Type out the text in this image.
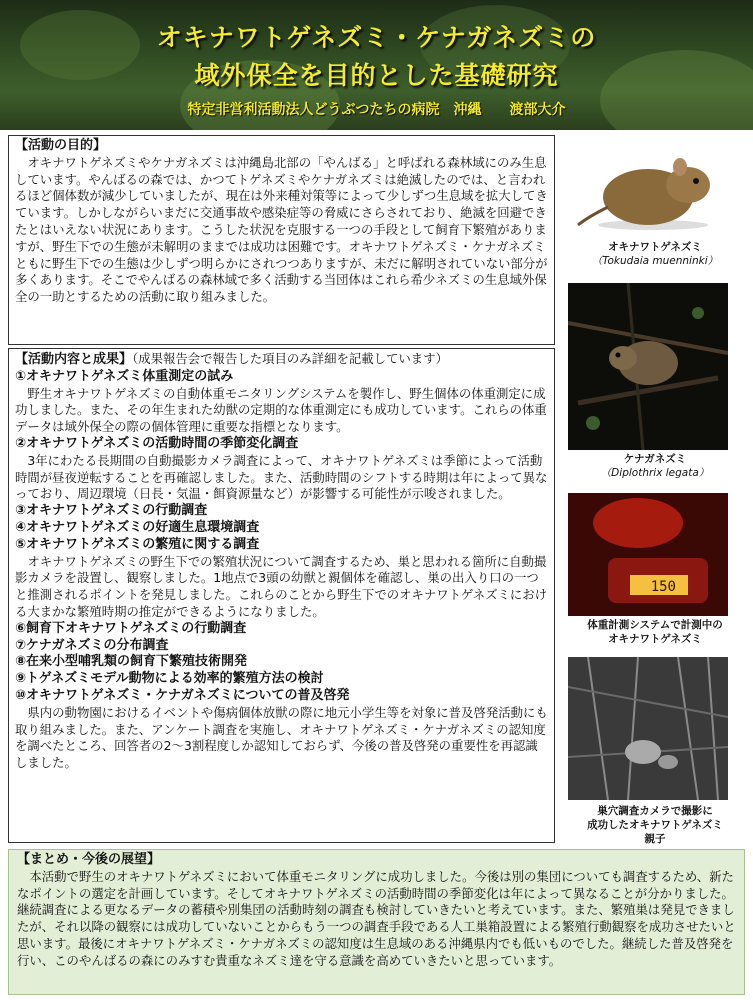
オキナワトゲネズミ・ケナガネズミの
域外保全を目的とした基礎研究
特定非営利活動法人どうぶつたちの病院　沖縄　　渡部大介
【活動の目的】

オキナワトゲネズミやケナガネズミは沖縄島北部の「やんばる」と呼ばれる森林域にのみ生息しています。やんばるの森では、かつてトゲネズミやケナガネズミは絶滅したのでは、と言われるほど個体数が減少していましたが、現在は外来種対策等によって少しずつ生息域を拡大してきています。しかしながらいまだに交通事故や感染症等の脅威にさらされており、絶滅を回避できたとはいえない状況にあります。こうした状況を克服する一つの手段として飼育下繁殖がありますが、野生下での生態が未解明のままでは成功は困難です。オキナワトゲネズミ・ケナガネズミともに野生下での生態は少しずつ明らかにされつつありますが、未だに解明されていない部分が多くあります。そこでやんばるの森林域で多く活動する当団体はこれら希少ネズミの生息域外保全の一助とするための活動に取り組みました。

【活動内容と成果】（成果報告会で報告した項目のみ詳細を記載しています）

①オキナワトゲネズミ体重測定の試み

野生オキナワトゲネズミの自動体重モニタリングシステムを製作し、野生個体の体重測定に成功しました。また、その年生まれた幼獣の定期的な体重測定にも成功しています。これらの体重データは域外保全の際の個体管理に重要な指標となります。

②オキナワトゲネズミの活動時間の季節変化調査

3年にわたる長期間の自動撮影カメラ調査によって、オキナワトゲネズミは季節によって活動時間が昼夜逆転することを再確認しました。また、活動時間のシフトする時期は年によって異なっており、周辺環境（日長・気温・餌資源量など）が影響する可能性が示唆されました。

③オキナワトゲネズミの行動調査

④オキナワトゲネズミの好適生息環境調査

⑤オキナワトゲネズミの繁殖に関する調査

オキナワトゲネズミの野生下での繁殖状況について調査するため、巣と思われる箇所に自動撮影カメラを設置し、観察しました。1地点で3頭の幼獣と親個体を確認し、巣の出入り口の一つと推測されるポイントを発見しました。これらのことから野生下でのオキナワトゲネズミにおける大まかな繁殖時期の推定ができるようになりました。

⑥飼育下オキナワトゲネズミの行動調査

⑦ケナガネズミの分布調査

⑧在来小型哺乳類の飼育下繁殖技術開発

⑨トゲネズミモデル動物による効率的繁殖方法の検討

⑩オキナワトゲネズミ・ケナガネズミについての普及啓発

県内の動物園におけるイベントや傷病個体放獣の際に地元小学生等を対象に普及啓発活動にも取り組みました。また、アンケート調査を実施し、オキナワトゲネズミ・ケナガネズミの認知度を調べたところ、回答者の2〜3割程度しか認知しておらず、今後の普及啓発の重要性を再認識しました。

オキナワトゲネズミ
（Tokudaia muenninki）
ケナガネズミ
（Diplothrix legata）
150
体重計測システムで計測中の
オキナワトゲネズミ
巣穴調査カメラで撮影に
成功したオキナワトゲネズミ
親子
【まとめ・今後の展望】

本活動で野生のオキナワトゲネズミにおいて体重モニタリングに成功しました。今後は別の集団についても調査するため、新たなポイントの選定を計画しています。そしてオキナワトゲネズミの活動時間の季節変化は年によって異なることが分かりました。継続調査による更なるデータの蓄積や別集団の活動時刻の調査も検討していきたいと考えています。また、繁殖巣は発見できましたが、それ以降の観察には成功していないことからもう一つの調査手段である人工巣箱設置による繁殖行動観察を成功させたいと思います。最後にオキナワトゲネズミ・ケナガネズミの認知度は生息域のある沖縄県内でも低いものでした。継続した普及啓発を行い、このやんばるの森にのみすむ貴重なネズミ達を守る意識を高めていきたいと思っています。
